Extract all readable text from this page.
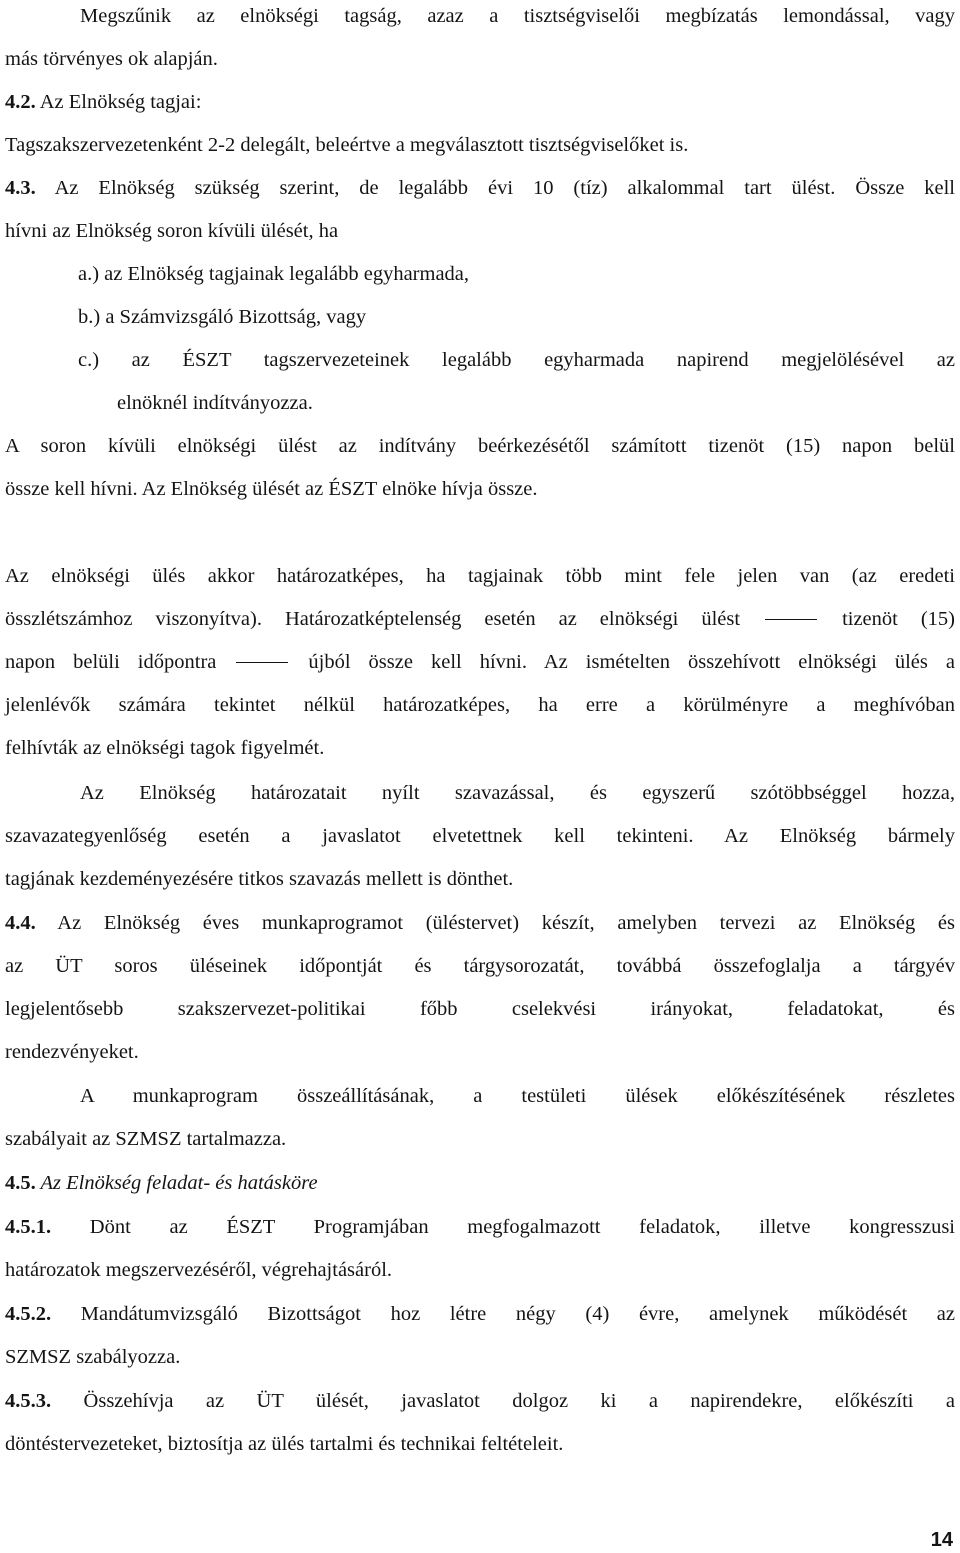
Megszűnik az elnökségi tagság, azaz a tisztségviselői megbízatás lemondással, vagy
más törvényes ok alapján.
4.2. Az Elnökség tagjai:
Tagszakszervezetenként 2-2 delegált, beleértve a megválasztott tisztségviselőket is.
4.3. Az Elnökség szükség szerint, de legalább évi 10 (tíz) alkalommal tart ülést. Össze kell
hívni az Elnökség soron kívüli ülését, ha
a.) az Elnökség tagjainak legalább egyharmada,
b.) a Számvizsgáló Bizottság, vagy
c.) az ÉSZT tagszervezeteinek legalább egyharmada napirend megjelölésével az
elnöknél indítványozza.
A soron kívüli elnökségi ülést az indítvány beérkezésétől számított tizenöt (15) napon belül
össze kell hívni. Az Elnökség ülését az ÉSZT elnöke hívja össze.
Az elnökségi ülés akkor határozatképes, ha tagjainak több mint fele jelen van (az eredeti
összlétszámhoz viszonyítva). Határozatképtelenség esetén az elnökségi ülést	tizenöt (15)
napon belüli időpontra	újból össze kell hívni. Az ismételten összehívott elnökségi ülés a
jelenlévők számára tekintet nélkül határozatképes, ha erre a körülményre a meghívóban
felhívták az elnökségi tagok figyelmét.
Az Elnökség határozatait nyílt szavazással, és egyszerű szótöbbséggel hozza,
szavazategyenlőség esetén a javaslatot elvetettnek kell tekinteni. Az Elnökség bármely
tagjának kezdeményezésére titkos szavazás mellett is dönthet.
4.4. Az Elnökség éves munkaprogramot (üléstervet) készít, amelyben tervezi az Elnökség és
az ÜT soros üléseinek időpontját és tárgysorozatát, továbbá összefoglalja a tárgyév
legjelentősebb szakszervezet-politikai főbb cselekvési irányokat, feladatokat, és
rendezvényeket.
A munkaprogram összeállításának, a testületi ülések előkészítésének részletes
szabályait az SZMSZ tartalmazza.
4.5. Az Elnökség feladat- és hatásköre
4.5.1. Dönt az ÉSZT Programjában megfogalmazott feladatok, illetve kongresszusi
határozatok megszervezéséről, végrehajtásáról.
4.5.2. Mandátumvizsgáló Bizottságot hoz létre négy (4) évre, amelynek működését az
SZMSZ szabályozza.
4.5.3. Összehívja az ÜT ülését, javaslatot dolgoz ki a napirendekre, előkészíti a
döntéstervezeteket, biztosítja az ülés tartalmi és technikai feltételeit.
14
